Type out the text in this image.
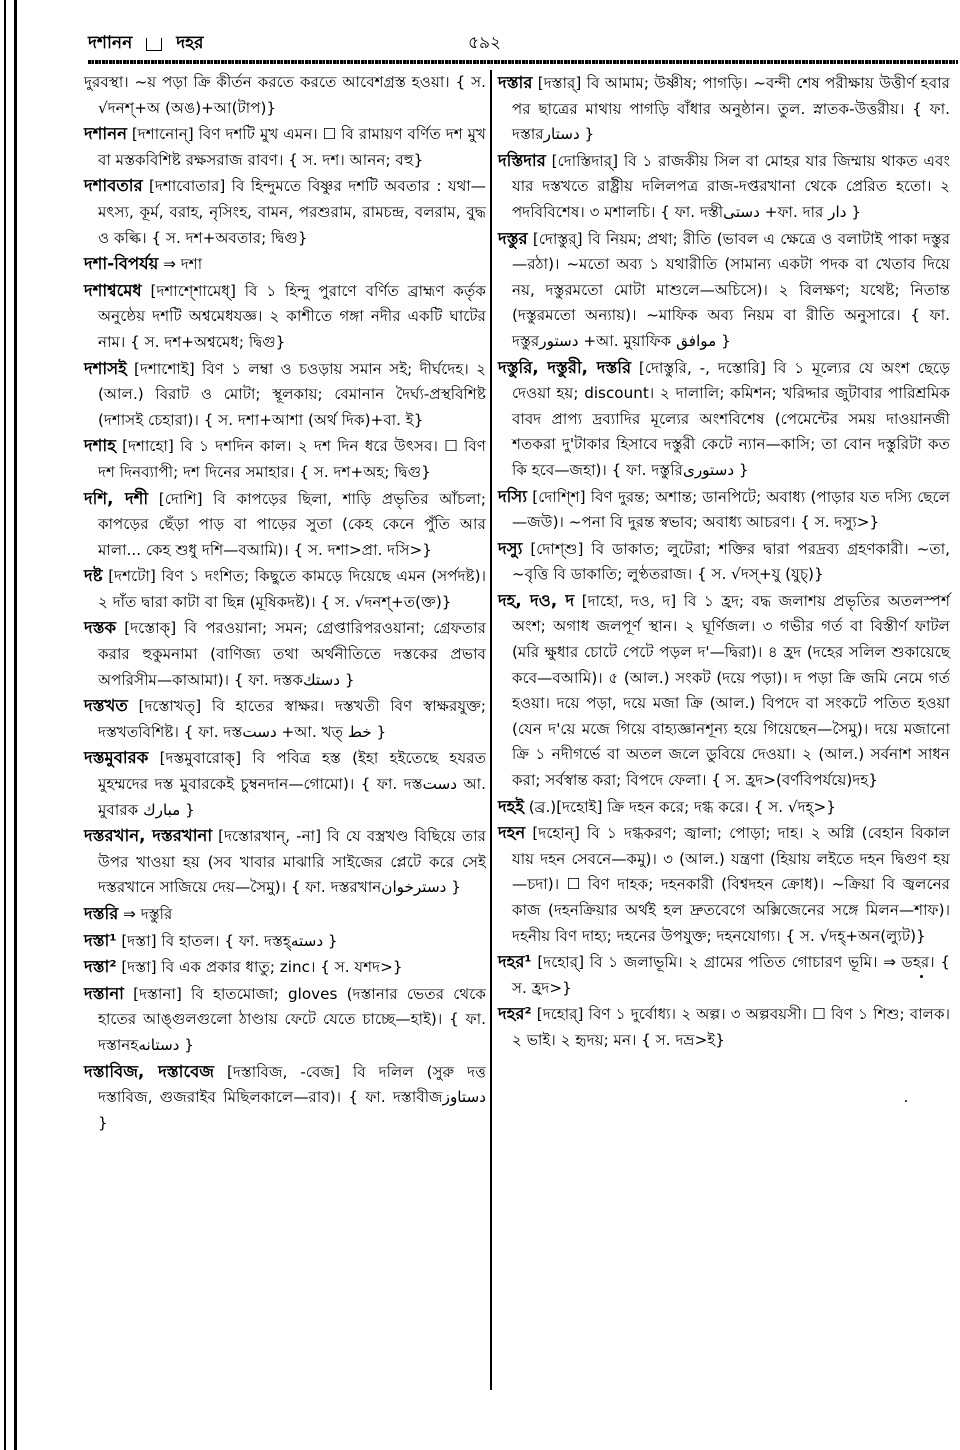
দশানন	দহর	৫৯২

দুরবস্থা। ~য় পড়া ক্রি কীর্তন করতে করতে আবেশগ্রস্ত হওয়া। { স. √দনশ্+অ (অঙ)+আ(টাপ)}

দশানন [দশানোন্] বিণ দশটি মুখ এমন। ☐ বি রামায়ণ বর্ণিত দশ মুখ বা মস্তকবিশিষ্ট রক্ষসরাজ রাবণ। { স. দশ। আনন; বহু}

দশাবতার [দশাবোতার] বি হিন্দুমতে বিষ্ণুর দশটি অবতার : যথা— মৎস্য, কূর্ম, বরাহ, নৃসিংহ, বামন, পরশুরাম, রামচন্দ্র, বলরাম, বুদ্ধ ও কল্কি। { স. দশ+অবতার; দ্বিগু}

দশা-বিপর্যয় ⇒ দশা

দশাশ্বমেধ [দশাশ্শোমেধ্] বি ১ হিন্দু পুরাণে বর্ণিত ব্রাহ্মণ কর্তৃক অনুষ্ঠেয় দশটি অশ্বমেধযজ্ঞ। ২ কাশীতে গঙ্গা নদীর একটি ঘাটের নাম। { স. দশ+অশ্বমেধ; দ্বিগু}

দশাসই [দশাশোই] বিণ ১ লম্বা ও চওড়ায় সমান সই; দীর্ঘদেহ। ২ (আল.) বিরাট ও মোটা; স্থূলকায়; বেমানান দৈর্ঘ্য-প্রস্থবিশিষ্ট (দশাসই চেহারা)। { স. দশা+আশা (অর্থ দিক)+বা. ই}

দশাহ [দশাহো] বি ১ দশদিন কাল। ২ দশ দিন ধরে উৎসব। ☐ বিণ দশ দিনব্যাপী; দশ দিনের সমাহার। { স. দশ+অহ; দ্বিগু}

দশি, দশী [দোশি] বি কাপড়ের ছিলা, শাড়ি প্রভৃতির আঁচলা; কাপড়ের ছেঁড়া পাড় বা পাড়ের সুতা (কেহ কেনে পুঁতি আর মালা... কেহ শুধু দশি—বআমি)। { স. দশা>প্রা. দসি>}

দষ্ট [দশটো] বিণ ১ দংশিত; কিছুতে কামড়ে দিয়েছে এমন (সর্পদষ্ট)। ২ দাঁত দ্বারা কাটা বা ছিন্ন (মূষিকদষ্ট)। { স. √দনশ্+ত(ক্ত)}

দস্তক [দস্তোক্] বি পরওয়ানা; সমন; গ্রেপ্তারিপরওয়ানা; গ্রেফতার করার হুকুমনামা (বাণিজ্য তথা অর্থনীতিতে দস্তকের প্রভাব অপরিসীম—কাআমা)। { ফা. দস্তকدستك }

দস্তখত [দস্তোখত্] বি হাতের স্বাক্ষর। দস্তখতী বিণ স্বাক্ষরযুক্ত; দস্তখতবিশিষ্ট। { ফা. দস্তدست +আ. খত্ خط }

দস্তমুবারক [দস্তমুবারোক্] বি পবিত্র হস্ত (ইহা হইতেছে হযরত মুহম্মদের দস্ত মুবারকেই চুম্বনদান—গোমো)। { ফা. দস্তدست আ. মুবারক مبارك }

দস্তরখান, দস্তরখানা [দস্তোরখান্, -না] বি যে বস্ত্রখণ্ড বিছিয়ে তার উপর খাওয়া হয় (সব খাবার মাঝারি সাইজের প্লেটে করে সেই দস্তরখানে সাজিয়ে দেয়—সৈমু)। { ফা. দস্তরখানدسترخوان }

দস্তরি ⇒ দস্তুরি

দস্তা¹ [দস্তা] বি হাতল। { ফা. দস্তহ্دسته }

দস্তা² [দস্তা] বি এক প্রকার ধাতু; zinc। { স. যশদ>}

দস্তানা [দস্তানা] বি হাতমোজা; gloves (দস্তানার ভেতর থেকে হাতের আঙ্গুলগুলো ঠাণ্ডায় ফেটে যেতে চাচ্ছে—হাই)। { ফা. দস্তানহدستانه }

দস্তাবিজ, দস্তাবেজ [দস্তাবিজ, -বেজ] বি দলিল (সুরু দত্ত দস্তাবিজ, গুজরাইব মিছিলকালে—রাব)। { ফা. দস্তাবীজدستاوز }

দস্তার [দস্তার্] বি আমাম; উষ্ণীষ; পাগড়ি। ~বন্দী শেষ পরীক্ষায় উত্তীর্ণ হবার পর ছাত্রের মাথায় পাগড়ি বাঁধার অনুষ্ঠান। তুল. স্নাতক-উত্তরীয়। { ফা. দস্তারدستار }

দস্তিদার [দোস্তিদার্] বি ১ রাজকীয় সিল বা মোহর যার জিম্মায় থাকত এবং যার দস্তখতে রাষ্ট্রীয় দলিলপত্র রাজ-দপ্তরখানা থেকে প্রেরিত হতো। ২ পদবিবিশেষ। ৩ মশালচি। { ফা. দস্তীدستى +ফা. দার دار }

দস্তুর [দোস্তুর্] বি নিয়ম; প্রথা; রীতি (ভাবল এ ক্ষেত্রে ও বলাটাই পাকা দস্তুর—রঠা)। ~মতো অব্য ১ যথারীতি (সামান্য একটা পদক বা খেতাব দিয়ে নয়, দস্তুরমতো মোটা মাশুলে—অচিসে)। ২ বিলক্ষণ; যথেষ্ট; নিতান্ত (দস্তুরমতো অন্যায়)। ~মাফিক অব্য নিয়ম বা রীতি অনুসারে। { ফা. দস্তুরدستور +আ. মুয়াফিক موافق }

দস্তুরি, দস্তুরী, দস্তরি [দোস্তুরি, -, দস্তোরি] বি ১ মূল্যের যে অংশ ছেড়ে দেওয়া হয়; discount। ২ দালালি; কমিশন; খরিদ্দার জুটাবার পারিশ্রমিক বাবদ প্রাপ্য দ্রব্যাদির মূল্যের অংশবিশেষ (পেমেন্টের সময় দাওয়ানজী শতকরা দু'টাকার হিসাবে দস্তুরী কেটে ন্যান—কাসি; তা বোন দস্তুরিটা কত কি হবে—জহা)। { ফা. দস্তুরিدستورى }

দস্যি [দোশ্শি] বিণ দুরন্ত; অশান্ত; ডানপিটে; অবাধ্য (পাড়ার যত দস্যি ছেলে—জউ)। ~পনা বি দুরন্ত স্বভাব; অবাধ্য আচরণ। { স. দস্যু>}

দস্যু [দোশ্শু] বি ডাকাত; লুটেরা; শক্তির দ্বারা পরদ্রব্য গ্রহণকারী। ~তা, ~বৃত্তি বি ডাকাতি; লুণ্ঠতরাজ। { স. √দস্+যু (যুচ্)}

দহ, দও, দ [দাহো, দও, দ] বি ১ হ্রদ; বদ্ধ জলাশয় প্রভৃতির অতলস্পর্শ অংশ; অগাধ জলপূর্ণ স্থান। ২ ঘূর্ণিজল। ৩ গভীর গর্ত বা বিস্তীর্ণ ফাটল (মরি ক্ষুধার চোটে পেটে পড়ল দ'—দ্বিরা)। ৪ হ্রদ (দহের সলিল শুকায়েছে কবে—বআমি)। ৫ (আল.) সংকট (দয়ে পড়া)। দ পড়া ক্রি জমি নেমে গর্ত হওয়া। দয়ে পড়া, দয়ে মজা ক্রি (আল.) বিপদে বা সংকটে পতিত হওয়া (যেন দ'য়ে মজে গিয়ে বাহ্যজ্ঞানশূন্য হয়ে গিয়েছেন—সৈমু)। দয়ে মজানো ক্রি ১ নদীগর্ভে বা অতল জলে ডুবিয়ে দেওয়া। ২ (আল.) সর্বনাশ সাধন করা; সর্বস্বান্ত করা; বিপদে ফেলা। { স. হ্রদ>(বর্ণবিপর্যয়ে)দহ}

দহই (ব্র.)[দহোই] ক্রি দহন করে; দগ্ধ করে। { স. √দহ্>}

দহন [দহোন্] বি ১ দগ্ধকরণ; জ্বালা; পোড়া; দাহ। ২ অগ্নি (বেহান বিকাল যায় দহন সেবনে—কমু)। ৩ (আল.) যন্ত্রণা (হিয়ায় লইতে দহন দ্বিগুণ হয়—চদা)। ☐ বিণ দাহক; দহনকারী (বিশ্বদহন ক্রোধ)। ~ক্রিয়া বি জ্বলনের কাজ (দহনক্রিয়ার অর্থই হল দ্রুতবেগে অক্সিজেনের সঙ্গে মিলন—শাফ)। দহনীয় বিণ দাহ্য; দহনের উপযুক্ত; দহনযোগ্য। { স. √দহ্+অন(ল্যুট)}

দহর¹ [দহোর্] বি ১ জলাভূমি। ২ গ্রামের পতিত গোচারণ ভূমি। ⇒ ডহর। { স. হ্রদ>}

দহর² [দহোর্] বিণ ১ দুর্বোধ্য। ২ অল্প। ৩ অল্পবয়সী। ☐ বিণ ১ শিশু; বালক। ২ ভাই। ২ হৃদয়; মন। { স. দভ্র>ই}
